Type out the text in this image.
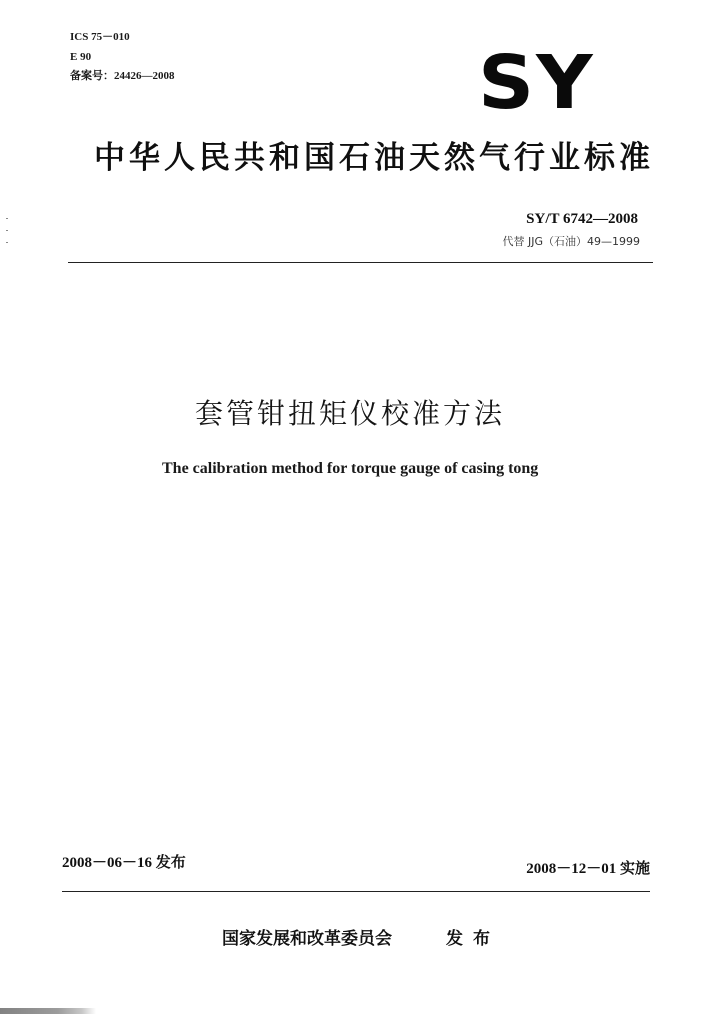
ICS 75－010
E 90
备案号：24426—2008	SY
中华人民共和国石油天然气行业标准
SY/T 6742—2008
代替 JJG（石油）49—1999
套管钳扭矩仪校准方法
The calibration method for torque gauge of casing tong
2008－06－16 发布	2008－12－01 实施
国家发展和改革委员会	发布
